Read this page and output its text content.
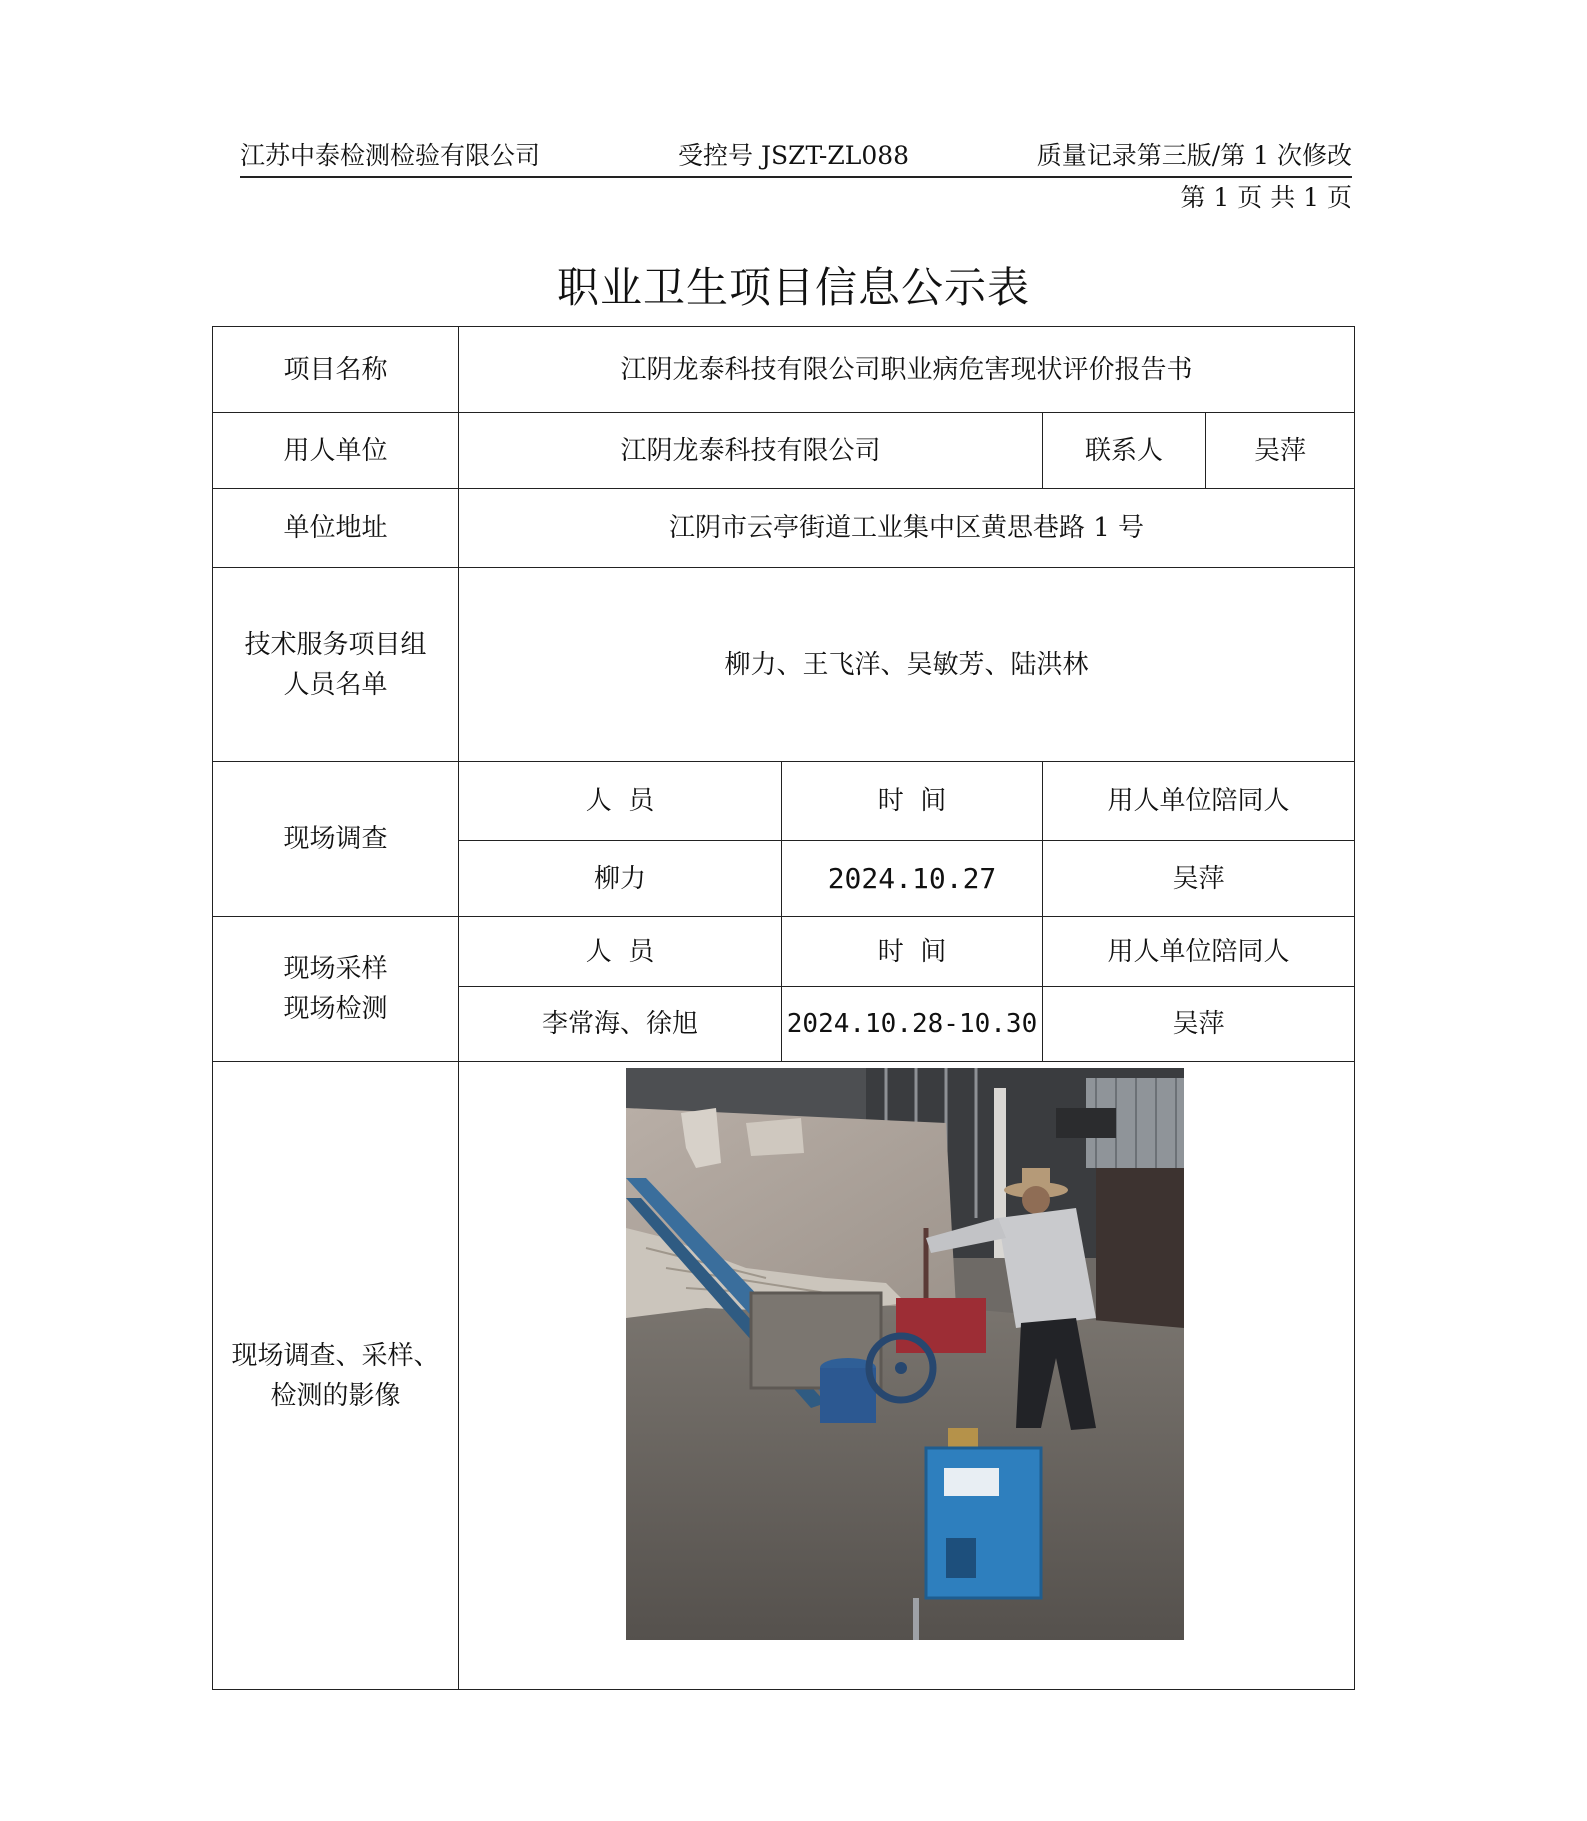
江苏中泰检测检验有限公司	受控号 JSZT-ZL088	质量记录第三版/第 1 次修改
第 1 页 共 1 页
职业卫生项目信息公示表
项目名称	江阴龙泰科技有限公司职业病危害现状评价报告书			
用人单位	江阴龙泰科技有限公司		联系人	吴萍
单位地址	江阴市云亭街道工业集中区黄思巷路 1 号			

技术服务项目组
人员名单	柳力、王飞洋、吴敏芳、陆洪林			
现场调查	人  员	时  间	用人单位陪同人	
	柳力	2024.10.27	吴萍	

现场采样
现场检测	人  员	时  间	用人单位陪同人	
	李常海、徐旭	2024.10.28-10.30	吴萍	

现场调查、采样、
检测的影像
